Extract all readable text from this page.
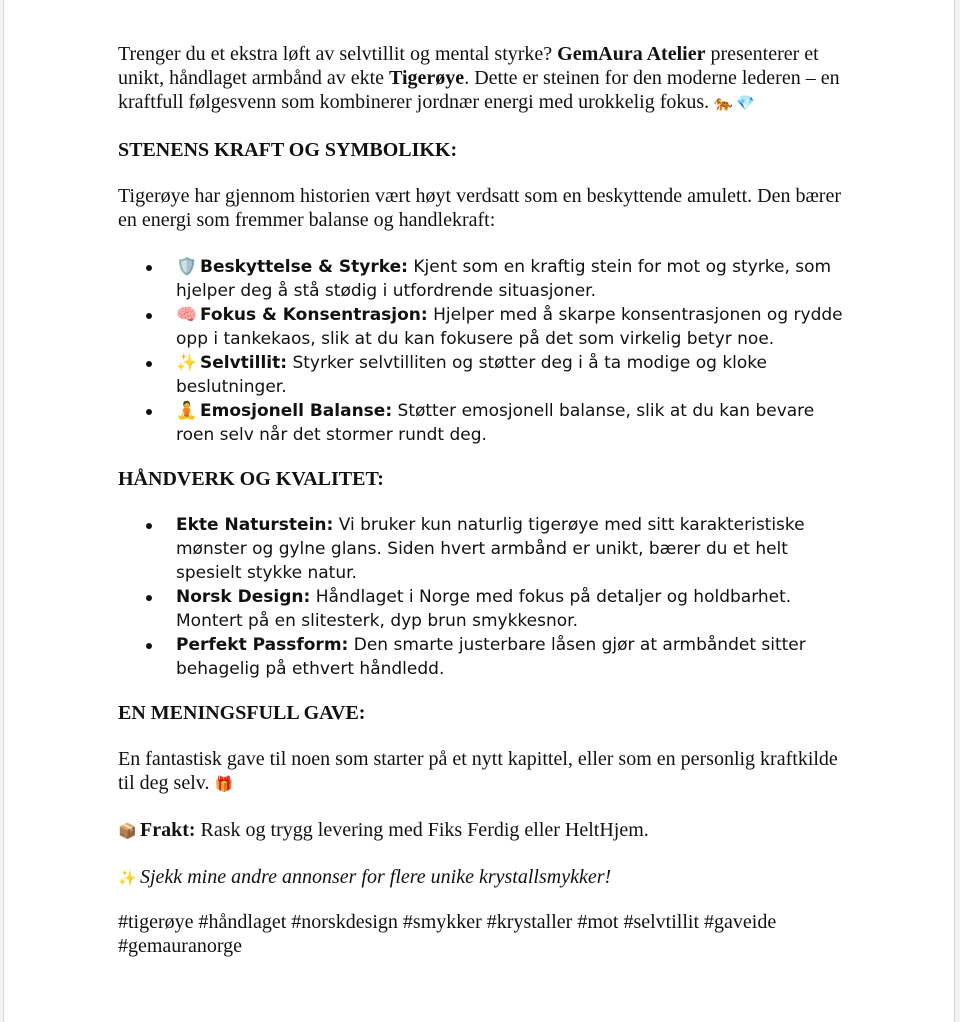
Trenger du et ekstra løft av selvtillit og mental styrke? GemAura Atelier presenterer et unikt, håndlaget armbånd av ekte Tigerøye. Dette er steinen for den moderne lederen – en kraftfull følgesvenn som kombinerer jordnær energi med urokkelig fokus. 🐅 💎

STENENS KRAFT OG SYMBOLIKK:

Tigerøye har gjennom historien vært høyt verdsatt som en beskyttende amulett. Den bærer en energi som fremmer balanse og handlekraft:

🛡️ Beskyttelse & Styrke: Kjent som en kraftig stein for mot og styrke, som hjelper deg å stå stødig i utfordrende situasjoner.
🧠 Fokus & Konsentrasjon: Hjelper med å skarpe konsentrasjonen og rydde opp i tankekaos, slik at du kan fokusere på det som virkelig betyr noe.
✨ Selvtillit: Styrker selvtilliten og støtter deg i å ta modige og kloke beslutninger.
🧘 Emosjonell Balanse: Støtter emosjonell balanse, slik at du kan bevare roen selv når det stormer rundt deg.

HÅNDVERK OG KVALITET:

Ekte Naturstein: Vi bruker kun naturlig tigerøye med sitt karakteristiske mønster og gylne glans. Siden hvert armbånd er unikt, bærer du et helt spesielt stykke natur.
Norsk Design: Håndlaget i Norge med fokus på detaljer og holdbarhet. Montert på en slitesterk, dyp brun smykkesnor.
Perfekt Passform: Den smarte justerbare låsen gjør at armbåndet sitter behagelig på ethvert håndledd.

EN MENINGSFULL GAVE:

En fantastisk gave til noen som starter på et nytt kapittel, eller som en personlig kraftkilde til deg selv. 🎁

📦 Frakt: Rask og trygg levering med Fiks Ferdig eller HeltHjem.

✨ Sjekk mine andre annonser for flere unike krystallsmykker!

#tigerøye #håndlaget #norskdesign #smykker #krystaller #mot #selvtillit #gaveide #gemauranorge
